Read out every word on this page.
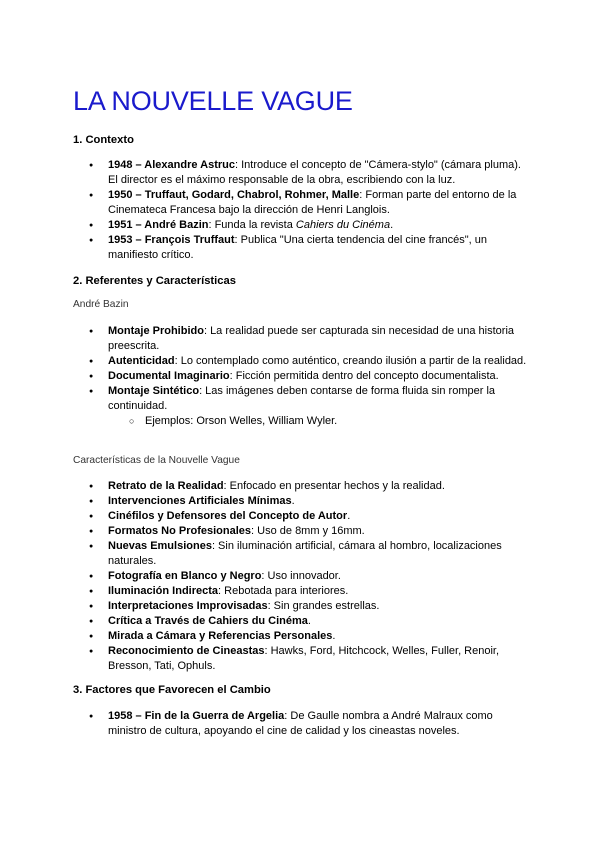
LA NOUVELLE VAGUE
1. Contexto
● 1948 – Alexandre Astruc: Introduce el concepto de "Cámera-stylo" (cámara pluma). El director es el máximo responsable de la obra, escribiendo con la luz.
● 1950 – Truffaut, Godard, Chabrol, Rohmer, Malle: Forman parte del entorno de la Cinemateca Francesa bajo la dirección de Henri Langlois.
● 1951 – André Bazin: Funda la revista Cahiers du Cinéma.
● 1953 – François Truffaut: Publica "Una cierta tendencia del cine francés", un manifiesto crítico.
2. Referentes y Características

André Bazin

● Montaje Prohibido: La realidad puede ser capturada sin necesidad de una historia preescrita.
● Autenticidad: Lo contemplado como auténtico, creando ilusión a partir de la realidad.
● Documental Imaginario: Ficción permitida dentro del concepto documentalista.
● Montaje Sintético: Las imágenes deben contarse de forma fluida sin romper la continuidad.
○ Ejemplos: Orson Welles, William Wyler.

Características de la Nouvelle Vague

● Retrato de la Realidad: Enfocado en presentar hechos y la realidad.
● Intervenciones Artificiales Mínimas.
● Cinéfilos y Defensores del Concepto de Autor.
● Formatos No Profesionales: Uso de 8mm y 16mm.
● Nuevas Emulsiones: Sin iluminación artificial, cámara al hombro, localizaciones naturales.
● Fotografía en Blanco y Negro: Uso innovador.
● Iluminación Indirecta: Rebotada para interiores.
● Interpretaciones Improvisadas: Sin grandes estrellas.
● Crítica a Través de Cahiers du Cinéma.
● Mirada a Cámara y Referencias Personales.
● Reconocimiento de Cineastas: Hawks, Ford, Hitchcock, Welles, Fuller, Renoir, Bresson, Tati, Ophuls.
3. Factores que Favorecen el Cambio
● 1958 – Fin de la Guerra de Argelia: De Gaulle nombra a André Malraux como ministro de cultura, apoyando el cine de calidad y los cineastas noveles.
